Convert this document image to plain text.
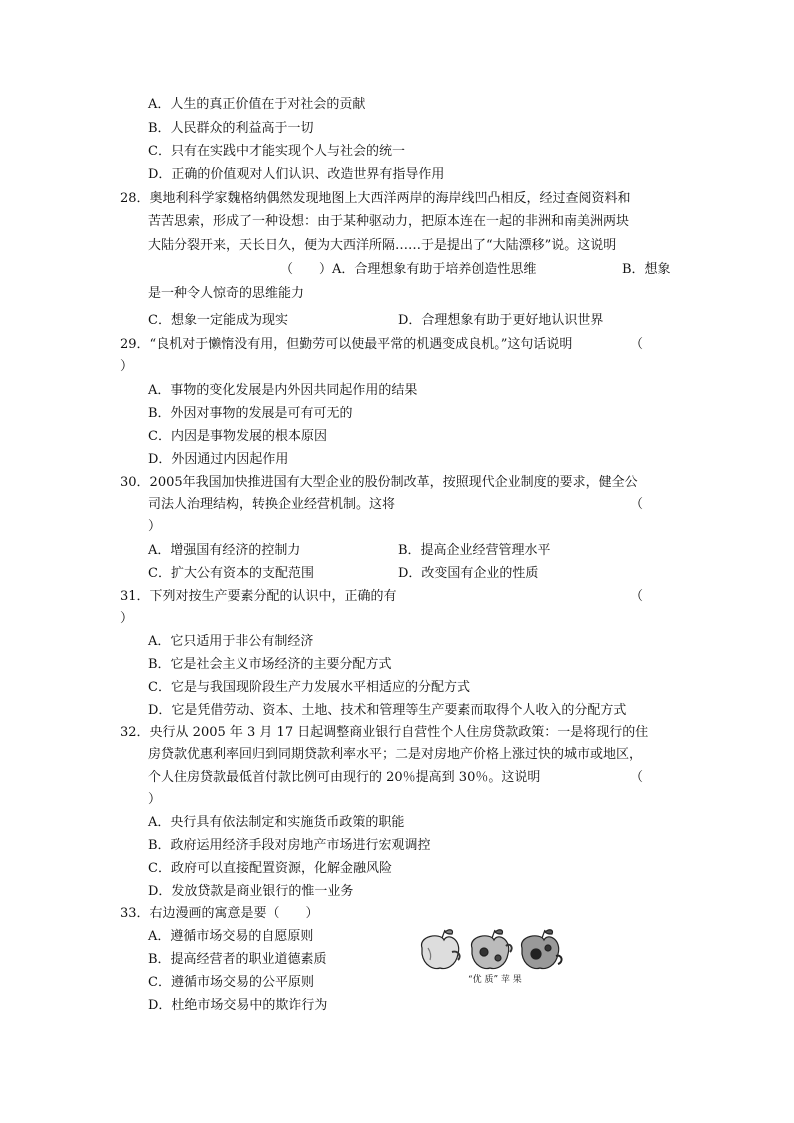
A．人生的真正价值在于对社会的贡献
B．人民群众的利益高于一切
C．只有在实践中才能实现个人与社会的统一
D．正确的价值观对人们认识、改造世界有指导作用
28．奥地利科学家魏格纳偶然发现地图上大西洋两岸的海岸线凹凸相反，经过查阅资料和
苦苦思索，形成了一种设想：由于某种驱动力，把原本连在一起的非洲和南美洲两块
大陆分裂开来，天长日久，便为大西洋所隔……于是提出了“大陆漂移”说。这说明
（　　）A．合理想象有助于培养创造性思维	B．想象
是一种令人惊奇的思维能力
C．想象一定能成为现实	D．合理想象有助于更好地认识世界
29．“良机对于懒惰没有用，但勤劳可以使最平常的机遇变成良机。”这句话说明	（
）
A．事物的变化发展是内外因共同起作用的结果
B．外因对事物的发展是可有可无的
C．内因是事物发展的根本原因
D．外因通过内因起作用
30．2005年我国加快推进国有大型企业的股份制改革，按照现代企业制度的要求，健全公
司法人治理结构，转换企业经营机制。这将	（
）
A．增强国有经济的控制力	B．提高企业经营管理水平
C．扩大公有资本的支配范围	D．改变国有企业的性质
31．下列对按生产要素分配的认识中，正确的有	（
）
A．它只适用于非公有制经济
B．它是社会主义市场经济的主要分配方式
C．它是与我国现阶段生产力发展水平相适应的分配方式
D．它是凭借劳动、资本、土地、技术和管理等生产要素而取得个人收入的分配方式
32．央行从 2005 年 3 月 17 日起调整商业银行自营性个人住房贷款政策：一是将现行的住
房贷款优惠利率回归到同期贷款利率水平；二是对房地产价格上涨过快的城市或地区，
个人住房贷款最低首付款比例可由现行的 20％提高到 30％。这说明	（
）
A．央行具有依法制定和实施货币政策的职能
B．政府运用经济手段对房地产市场进行宏观调控
C．政府可以直接配置资源，化解金融风险
D．发放贷款是商业银行的惟一业务
33．右边漫画的寓意是要（　　）
A．遵循市场交易的自愿原则
B．提高经营者的职业道德素质
C．遵循市场交易的公平原则
D．杜绝市场交易中的欺诈行为
“优 质” 苹 果
